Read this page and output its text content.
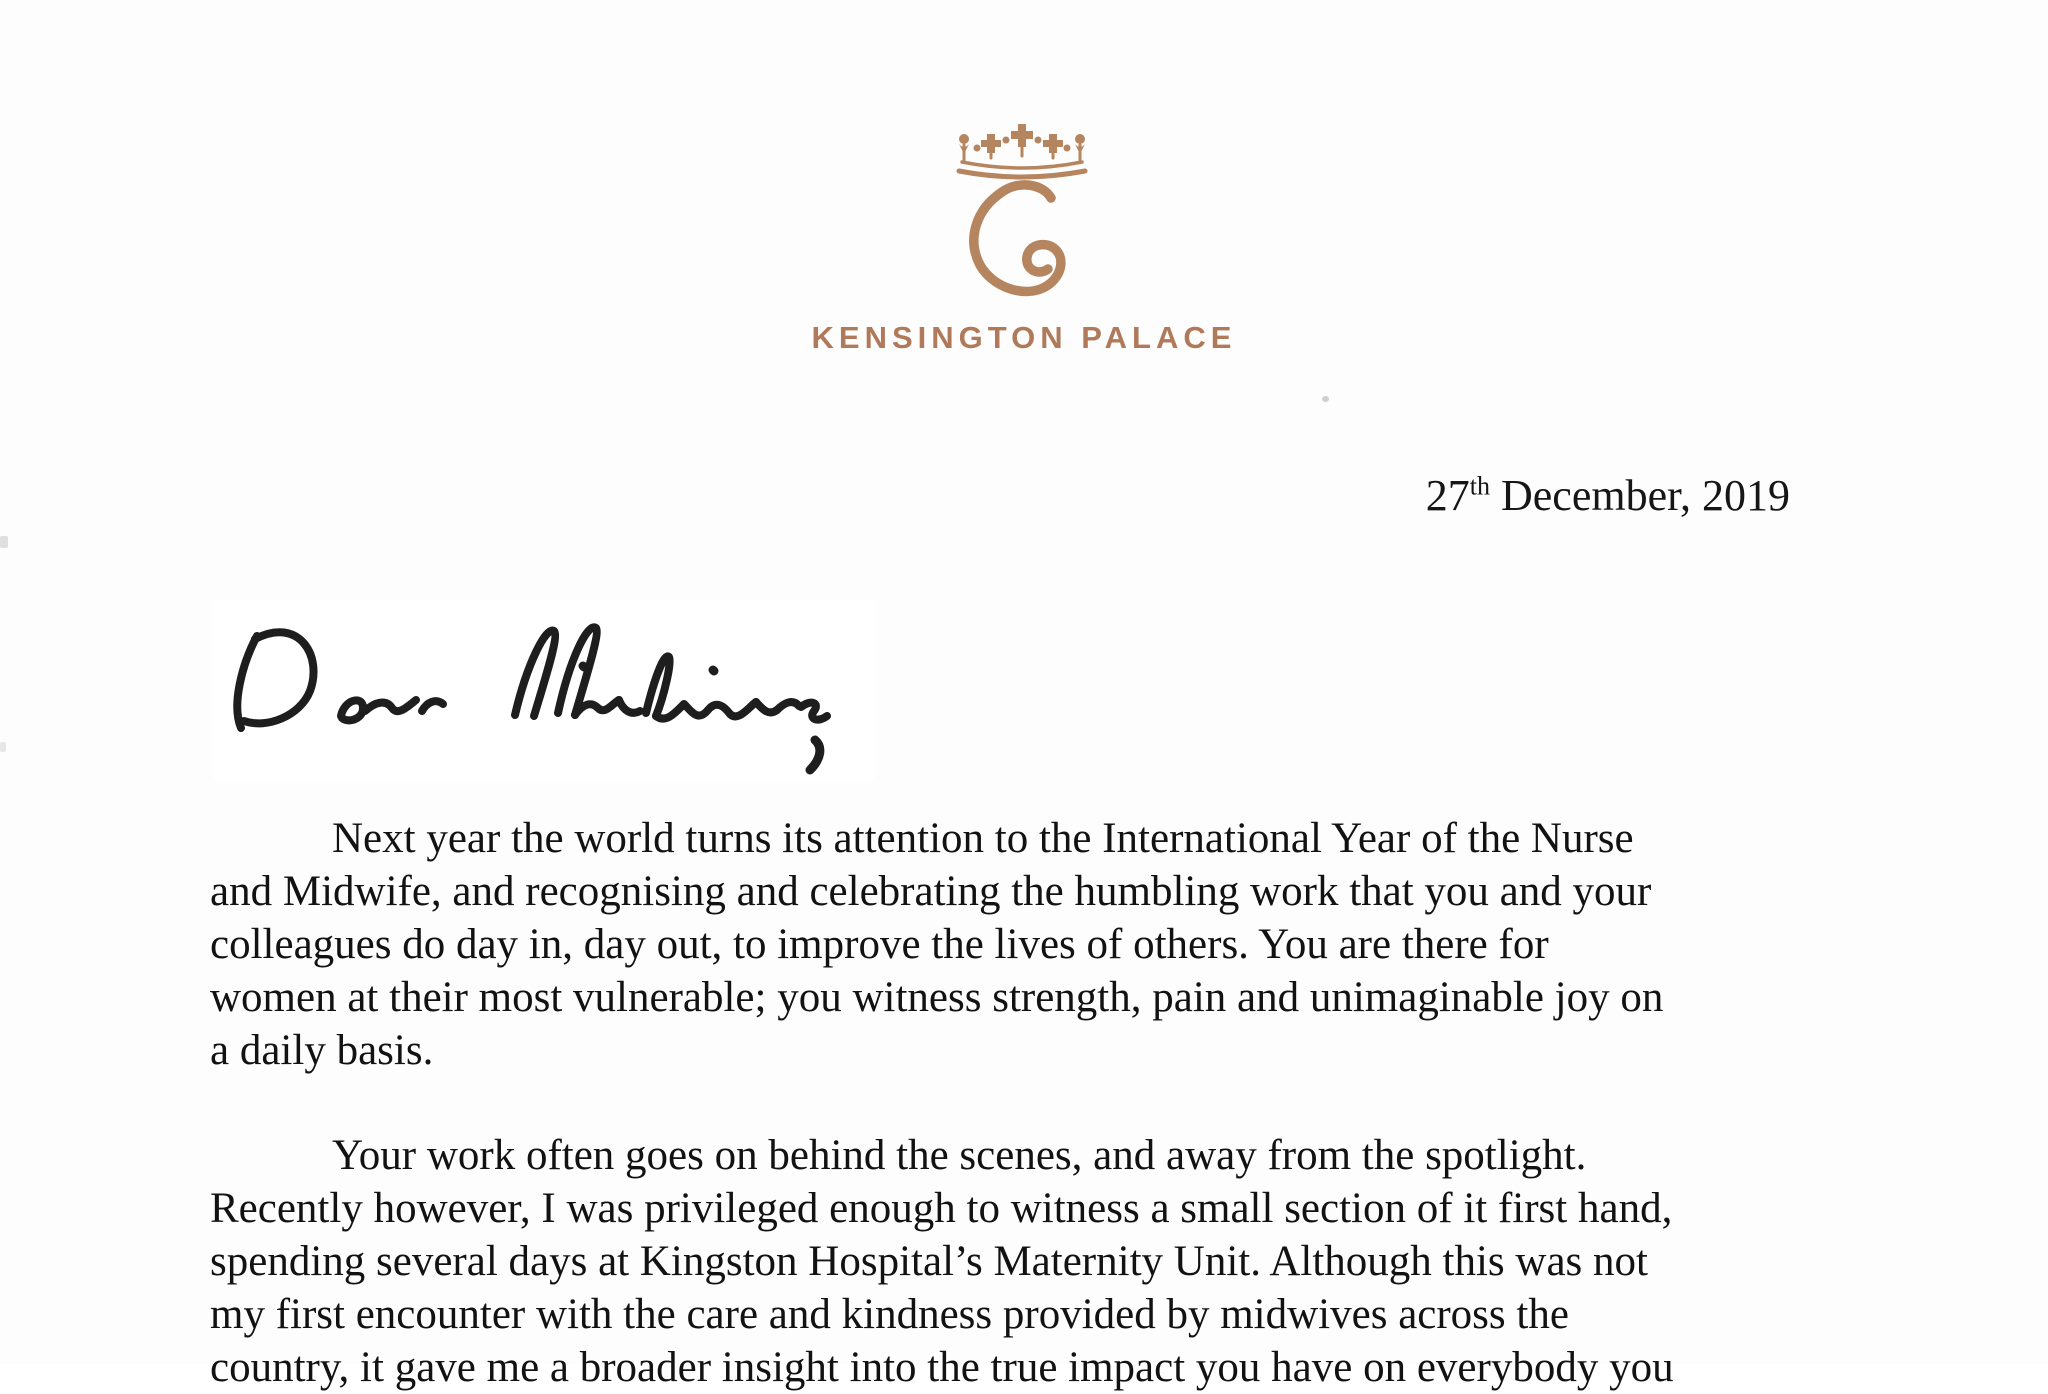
KENSINGTON PALACE
27th December, 2019
Next year the world turns its attention to the International Year of the Nurse
and Midwife, and recognising and celebrating the humbling work that you and your
colleagues do day in, day out, to improve the lives of others. You are there for
women at their most vulnerable; you witness strength, pain and unimaginable joy on
a daily basis.
Your work often goes on behind the scenes, and away from the spotlight.
Recently however, I was privileged enough to witness a small section of it first hand,
spending several days at Kingston Hospital’s Maternity Unit. Although this was not
my first encounter with the care and kindness provided by midwives across the
country, it gave me a broader insight into the true impact you have on everybody you
